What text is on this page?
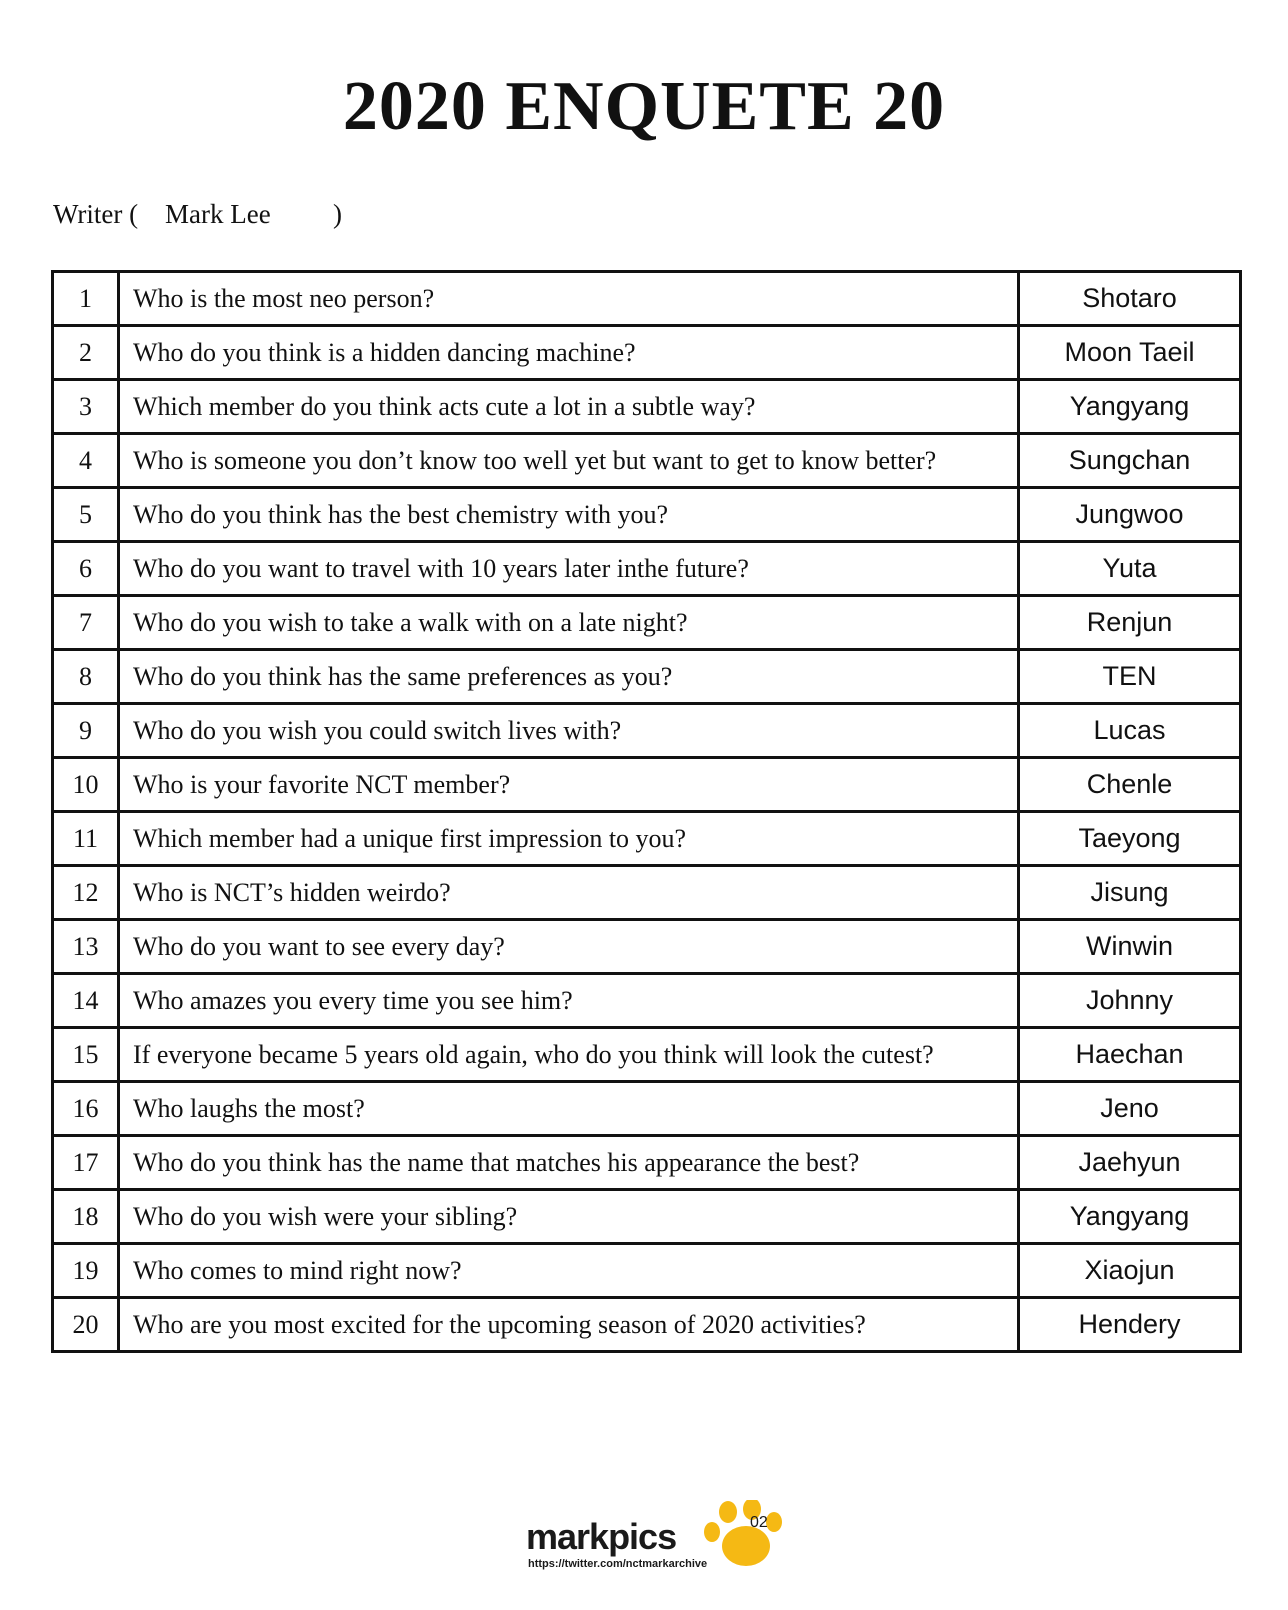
2020 ENQUETE 20
Writer ( Mark Lee )
1	Who is the most neo person?	Shotaro
2	Who do you think is a hidden dancing machine?	Moon Taeil
3	Which member do you think acts cute a lot in a subtle way?	Yangyang
4	Who is someone you don’t know too well yet but want to get to know better?	Sungchan
5	Who do you think has the best chemistry with you?	Jungwoo
6	Who do you want to travel with 10 years later inthe future?	Yuta
7	Who do you wish to take a walk with on a late night?	Renjun
8	Who do you think has the same preferences as you?	TEN
9	Who do you wish you could switch lives with?	Lucas
10	Who is your favorite NCT member?	Chenle
11	Which member had a unique first impression to you?	Taeyong
12	Who is NCT’s hidden weirdo?	Jisung
13	Who do you want to see every day?	Winwin
14	Who amazes you every time you see him?	Johnny
15	If everyone became 5 years old again, who do you think will look the cutest?	Haechan
16	Who laughs the most?	Jeno
17	Who do you think has the name that matches his appearance the best?	Jaehyun
18	Who do you wish were your sibling?	Yangyang
19	Who comes to mind right now?	Xiaojun
20	Who are you most excited for the upcoming season of 2020 activities?	Hendery
markpics	02
https://twitter.com/nctmarkarchive
